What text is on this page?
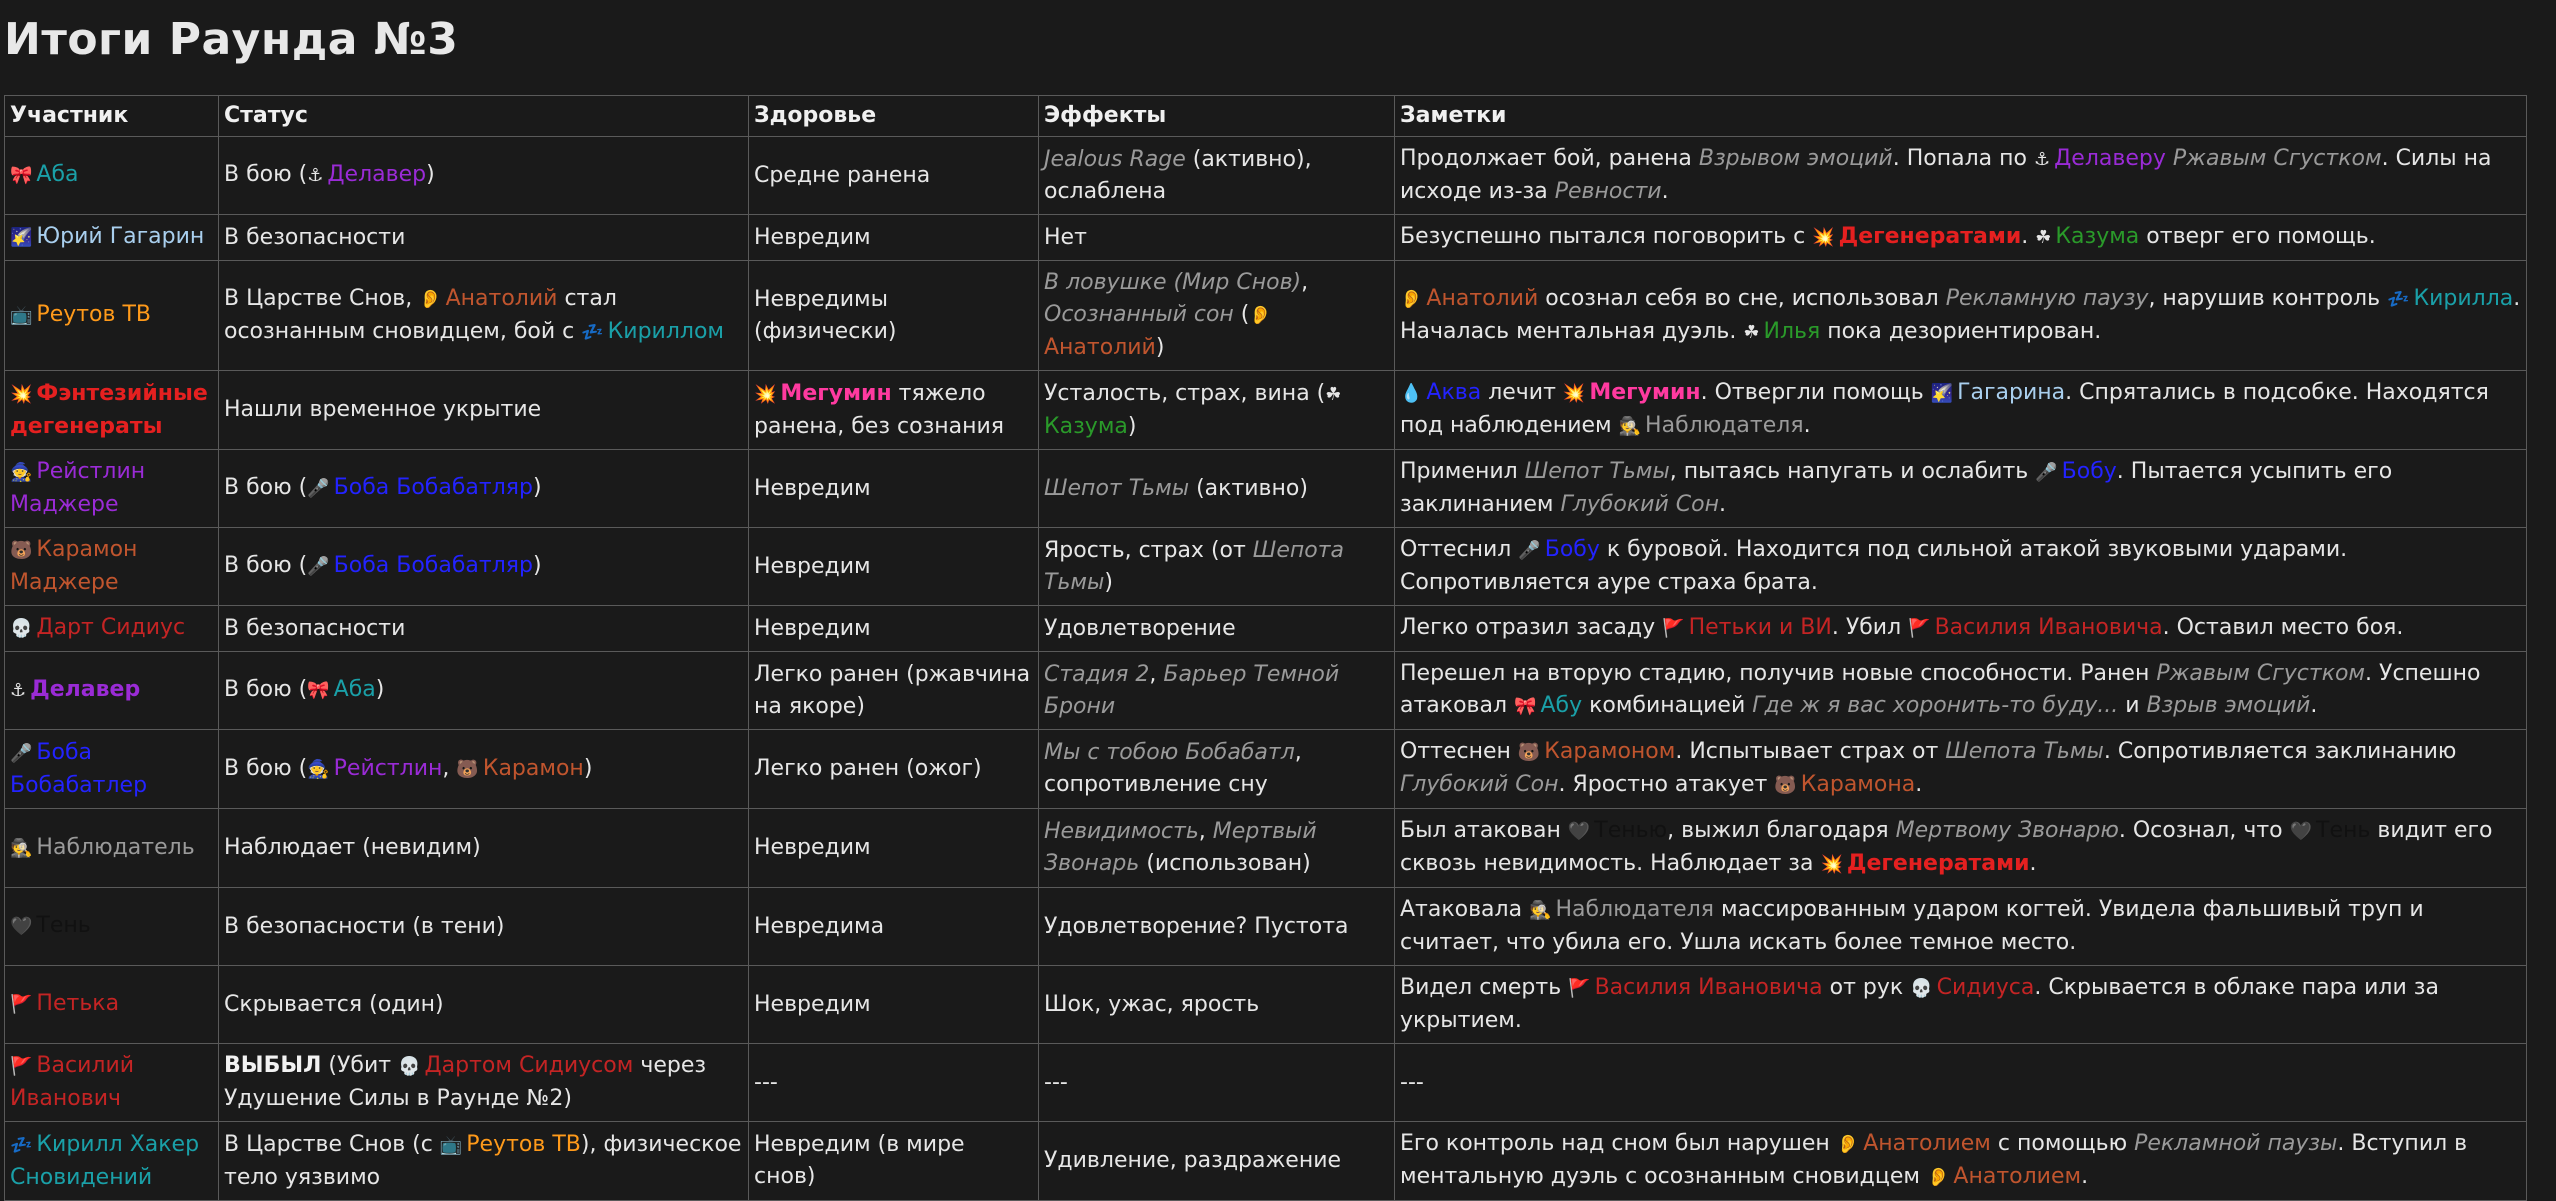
Итоги Раунда №3
Участник	Статус	Здоровье	Эффекты	Заметки
🎀 Аба	В бою (⚓ Делавер)	Средне ранена	Jealous Rage (активно), ослаблена	Продолжает бой, ранена Взрывом эмоций. Попала по ⚓ Делаверу Ржавым Сгустком. Силы на исходе из-за Ревности.
🌠 Юрий Гагарин	В безопасности	Невредим	Нет	Безуспешно пытался поговорить с 💥 Дегенератами. ☘ Казума отверг его помощь.
📺 Реутов ТВ	В Царстве Снов, 👂 Анатолий стал осознанным сновидцем, бой с 💤 Кириллом	Невредимы (физически)	В ловушке (Мир Снов), Осознанный сон (👂Анатолий)	👂 Анатолий осознал себя во сне, использовал Рекламную паузу, нарушив контроль 💤 Кирилла. Началась ментальная дуэль. ☘ Илья пока дезориентирован.
💥 Фэнтезийные дегенераты	Нашли временное укрытие	💥 Мегумин тяжело ранена, без сознания	Усталость, страх, вина (☘Казума)	💧 Аква лечит 💥 Мегумин. Отвергли помощь 🌠 Гагарина. Спрятались в подсобке. Находятся под наблюдением 🕵 Наблюдателя.
🧙 Рейстлин Маджере	В бою (🎤 Боба Бобабатляр)	Невредим	Шепот Тьмы (активно)	Применил Шепот Тьмы, пытаясь напугать и ослабить 🎤 Бобу. Пытается усыпить его заклинанием Глубокий Сон.
🐻 Карамон Маджере	В бою (🎤 Боба Бобабатляр)	Невредим	Ярость, страх (от Шепота Тьмы)	Оттеснил 🎤 Бобу к буровой. Находится под сильной атакой звуковыми ударами. Сопротивляется ауре страха брата.
💀 Дарт Сидиус	В безопасности	Невредим	Удовлетворение	Легко отразил засаду 🚩 Петьки и ВИ. Убил 🚩 Василия Ивановича. Оставил место боя.
⚓ Делавер	В бою (🎀 Аба)	Легко ранен (ржавчина на якоре)	Стадия 2, Барьер Темной Брони	Перешел на вторую стадию, получив новые способности. Ранен Ржавым Сгустком. Успешно атаковал 🎀 Абу комбинацией Где ж я вас хоронить-то буду... и Взрыв эмоций.
🎤 Боба Бобабатлер	В бою (🧙 Рейстлин, 🐻 Карамон)	Легко ранен (ожог)	Мы с тобою Бобабатл, сопротивление сну	Оттеснен 🐻 Карамоном. Испытывает страх от Шепота Тьмы. Сопротивляется заклинанию Глубокий Сон. Яростно атакует 🐻 Карамона.
🕵 Наблюдатель	Наблюдает (невидим)	Невредим	Невидимость, Мертвый Звонарь (использован)	Был атакован 🖤 Тенью, выжил благодаря Мертвому Звонарю. Осознал, что 🖤 Тень видит его сквозь невидимость. Наблюдает за 💥 Дегенератами.
🖤 Тень	В безопасности (в тени)	Невредима	Удовлетворение? Пустота	Атаковала 🕵 Наблюдателя массированным ударом когтей. Увидела фальшивый труп и считает, что убила его. Ушла искать более темное место.
🚩 Петька	Скрывается (один)	Невредим	Шок, ужас, ярость	Видел смерть 🚩 Василия Ивановича от рук 💀 Сидиуса. Скрывается в облаке пара или за укрытием.
🚩 Василий Иванович	ВЫБЫЛ (Убит 💀 Дартом Сидиусом через Удушение Силы в Раунде №2)	---	---	---
💤 Кирилл Хакер Сновидений	В Царстве Снов (с 📺 Реутов ТВ), физическое тело уязвимо	Невредим (в мире снов)	Удивление, раздражение	Его контроль над сном был нарушен 👂 Анатолием с помощью Рекламной паузы. Вступил в ментальную дуэль с осознанным сновидцем 👂 Анатолием.
